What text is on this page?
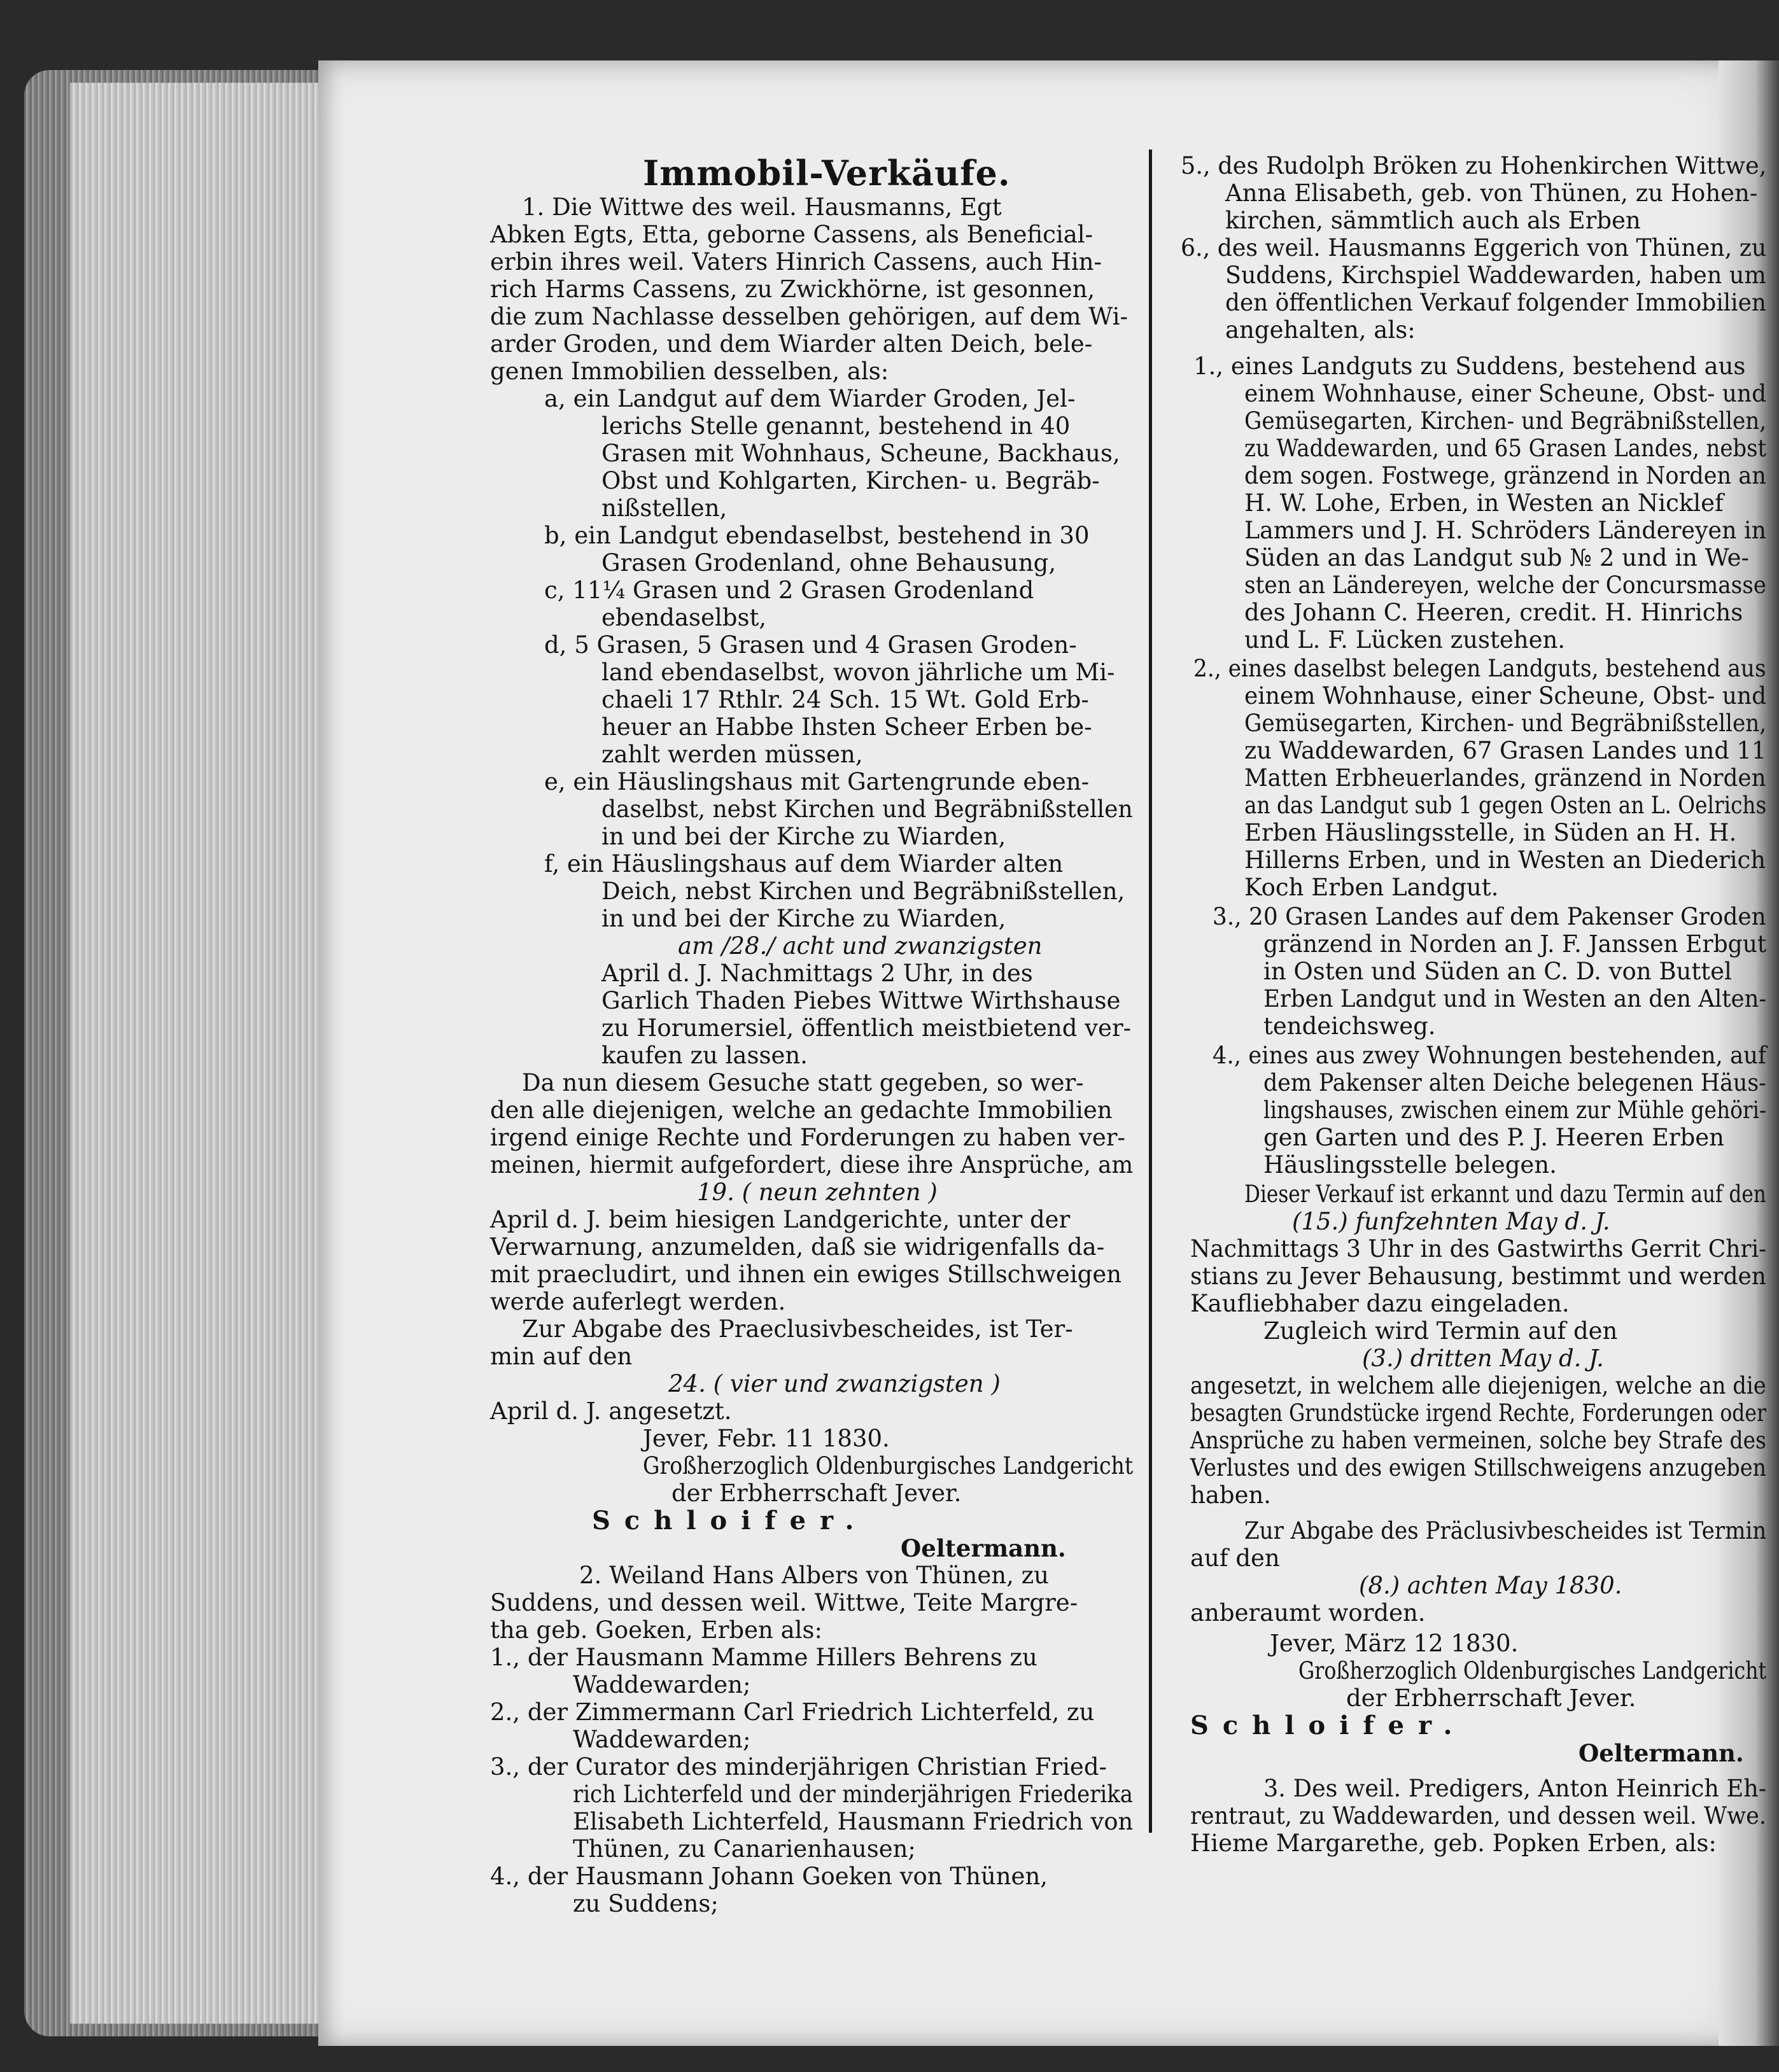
Immobil-Verkäufe.
1. Die Wittwe des weil. Hausmanns, Egt
Abken Egts, Etta, geborne Cassens, als Beneficial-
erbin ihres weil. Vaters Hinrich Cassens, auch Hin-
rich Harms Cassens, zu Zwickhörne, ist gesonnen,
die zum Nachlasse desselben gehörigen, auf dem Wi-
arder Groden, und dem Wiarder alten Deich, bele-
genen Immobilien desselben, als:
a, ein Landgut auf dem Wiarder Groden, Jel-
lerichs Stelle genannt, bestehend in 40
Grasen mit Wohnhaus, Scheune, Backhaus,
Obst und Kohlgarten, Kirchen- u. Begräb-
nißstellen,
b, ein Landgut ebendaselbst, bestehend in 30
Grasen Grodenland, ohne Behausung,
c, 11¼ Grasen und 2 Grasen Grodenland
ebendaselbst,
d, 5 Grasen, 5 Grasen und 4 Grasen Groden-
land ebendaselbst, wovon jährliche um Mi-
chaeli 17 Rthlr. 24 Sch. 15 Wt. Gold Erb-
heuer an Habbe Ihsten Scheer Erben be-
zahlt werden müssen,
e, ein Häuslingshaus mit Gartengrunde eben-
daselbst, nebst Kirchen und Begräbnißstellen
in und bei der Kirche zu Wiarden,
f, ein Häuslingshaus auf dem Wiarder alten
Deich, nebst Kirchen und Begräbnißstellen,
in und bei der Kirche zu Wiarden,
am /28./ acht und zwanzigsten
April d. J. Nachmittags 2 Uhr, in des
Garlich Thaden Piebes Wittwe Wirthshause
zu Horumersiel, öffentlich meistbietend ver-
kaufen zu lassen.
Da nun diesem Gesuche statt gegeben, so wer-
den alle diejenigen, welche an gedachte Immobilien
irgend einige Rechte und Forderungen zu haben ver-
meinen, hiermit aufgefordert, diese ihre Ansprüche, am
19. ( neun zehnten )
April d. J. beim hiesigen Landgerichte, unter der
Verwarnung, anzumelden, daß sie widrigenfalls da-
mit praecludirt, und ihnen ein ewiges Stillschweigen
werde auferlegt werden.
Zur Abgabe des Praeclusivbescheides, ist Ter-
min auf den
24. ( vier und zwanzigsten )
April d. J. angesetzt.
Jever, Febr. 11 1830.
Großherzoglich Oldenburgisches Landgericht
der Erbherrschaft Jever.
Schloifer.
Oeltermann.
2. Weiland Hans Albers von Thünen, zu
Suddens, und dessen weil. Wittwe, Teite Margre-
tha geb. Goeken, Erben als:
1., der Hausmann Mamme Hillers Behrens zu
Waddewarden;
2., der Zimmermann Carl Friedrich Lichterfeld, zu
Waddewarden;
3., der Curator des minderjährigen Christian Fried-
rich Lichterfeld und der minderjährigen Friederika
Elisabeth Lichterfeld, Hausmann Friedrich von
Thünen, zu Canarienhausen;
4., der Hausmann Johann Goeken von Thünen,
zu Suddens;
5., des Rudolph Bröken zu Hohenkirchen Wittwe,
Anna Elisabeth, geb. von Thünen, zu Hohen-
kirchen, sämmtlich auch als Erben
6., des weil. Hausmanns Eggerich von Thünen, zu
Suddens, Kirchspiel Waddewarden, haben um
den öffentlichen Verkauf folgender Immobilien
angehalten, als:
1., eines Landguts zu Suddens, bestehend aus
einem Wohnhause, einer Scheune, Obst- und
Gemüsegarten, Kirchen- und Begräbnißstellen,
zu Waddewarden, und 65 Grasen Landes, nebst
dem sogen. Fostwege, gränzend in Norden an
H. W. Lohe, Erben, in Westen an Nicklef
Lammers und J. H. Schröders Ländereyen in
Süden an das Landgut sub № 2 und in We-
sten an Ländereyen, welche der Concursmasse
des Johann C. Heeren, credit. H. Hinrichs
und L. F. Lücken zustehen.
2., eines daselbst belegen Landguts, bestehend aus
einem Wohnhause, einer Scheune, Obst- und
Gemüsegarten, Kirchen- und Begräbnißstellen,
zu Waddewarden, 67 Grasen Landes und 11
Matten Erbheuerlandes, gränzend in Norden
an das Landgut sub 1 gegen Osten an L. Oelrichs
Erben Häuslingsstelle, in Süden an H. H.
Hillerns Erben, und in Westen an Diederich
Koch Erben Landgut.
3., 20 Grasen Landes auf dem Pakenser Groden
gränzend in Norden an J. F. Janssen Erbgut
in Osten und Süden an C. D. von Buttel
Erben Landgut und in Westen an den Alten-
tendeichsweg.
4., eines aus zwey Wohnungen bestehenden, auf
dem Pakenser alten Deiche belegenen Häus-
lingshauses, zwischen einem zur Mühle gehöri-
gen Garten und des P. J. Heeren Erben
Häuslingsstelle belegen.
Dieser Verkauf ist erkannt und dazu Termin auf den
(15.) funfzehnten May d. J.
Nachmittags 3 Uhr in des Gastwirths Gerrit Chri-
stians zu Jever Behausung, bestimmt und werden
Kaufliebhaber dazu eingeladen.
Zugleich wird Termin auf den
(3.) dritten May d. J.
angesetzt, in welchem alle diejenigen, welche an die
besagten Grundstücke irgend Rechte, Forderungen oder
Ansprüche zu haben vermeinen, solche bey Strafe des
Verlustes und des ewigen Stillschweigens anzugeben
haben.
Zur Abgabe des Präclusivbescheides ist Termin
auf den
(8.) achten May 1830.
anberaumt worden.
Jever, März 12 1830.
Großherzoglich Oldenburgisches Landgericht
der Erbherrschaft Jever.
Schloifer.
Oeltermann.
3. Des weil. Predigers, Anton Heinrich Eh-
rentraut, zu Waddewarden, und dessen weil. Wwe.
Hieme Margarethe, geb. Popken Erben, als:
